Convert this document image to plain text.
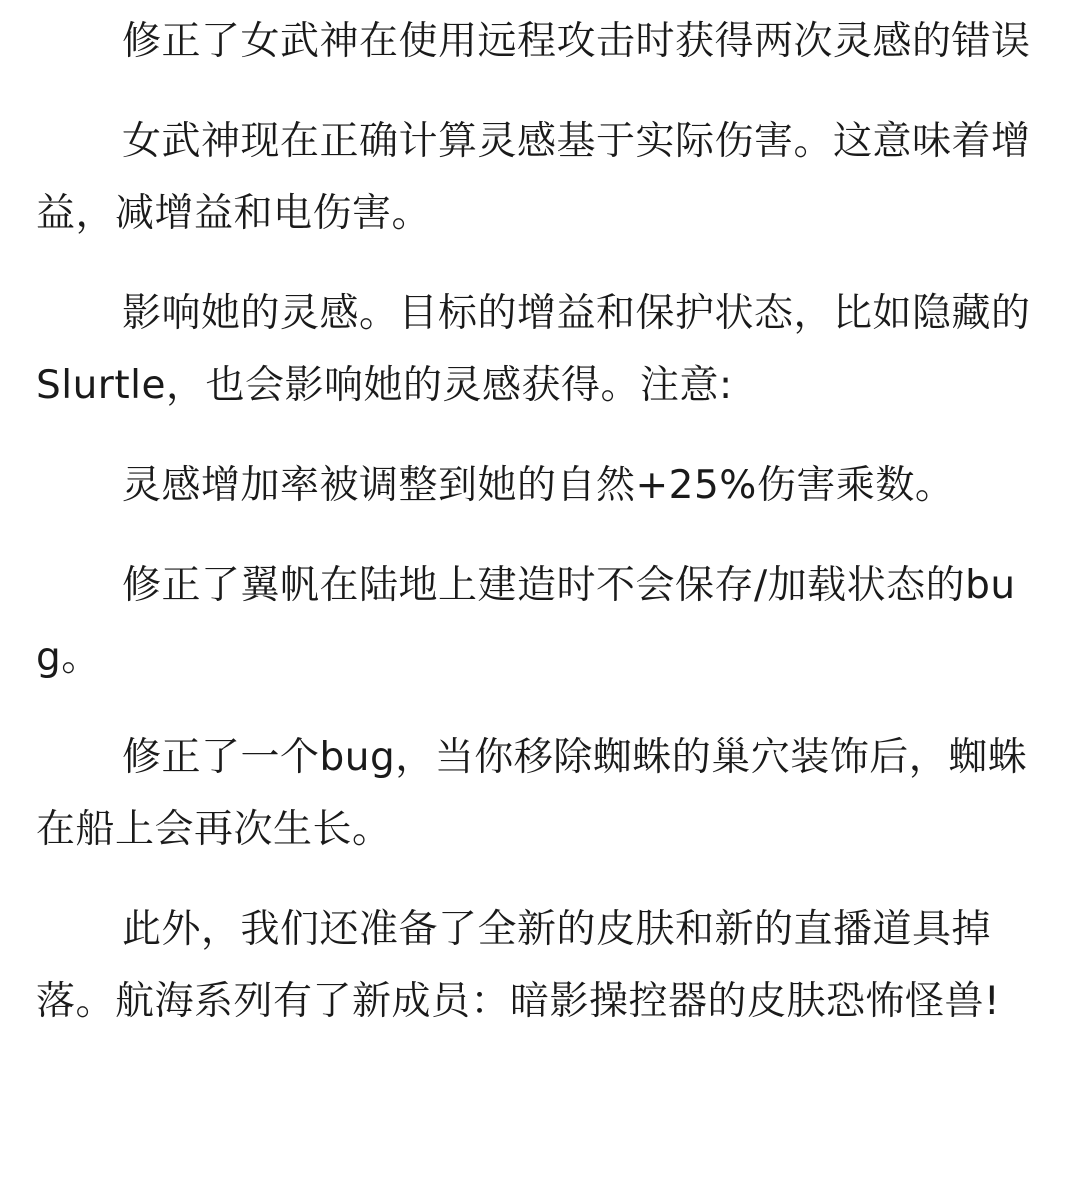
修正了女武神在使用远程攻击时获得两次灵感的错误

女武神现在正确计算灵感基于实际伤害。这意味着增益，减增益和电伤害。

影响她的灵感。目标的增益和保护状态，比如隐藏的Slurtle，也会影响她的灵感获得。注意:

灵感增加率被调整到她的自然+25%伤害乘数。

修正了翼帆在陆地上建造时不会保存/加载状态的bug。

修正了一个bug，当你移除蜘蛛的巢穴装饰后，蜘蛛在船上会再次生长。

此外，我们还准备了全新的皮肤和新的直播道具掉落。航海系列有了新成员：暗影操控器的皮肤恐怖怪兽!
